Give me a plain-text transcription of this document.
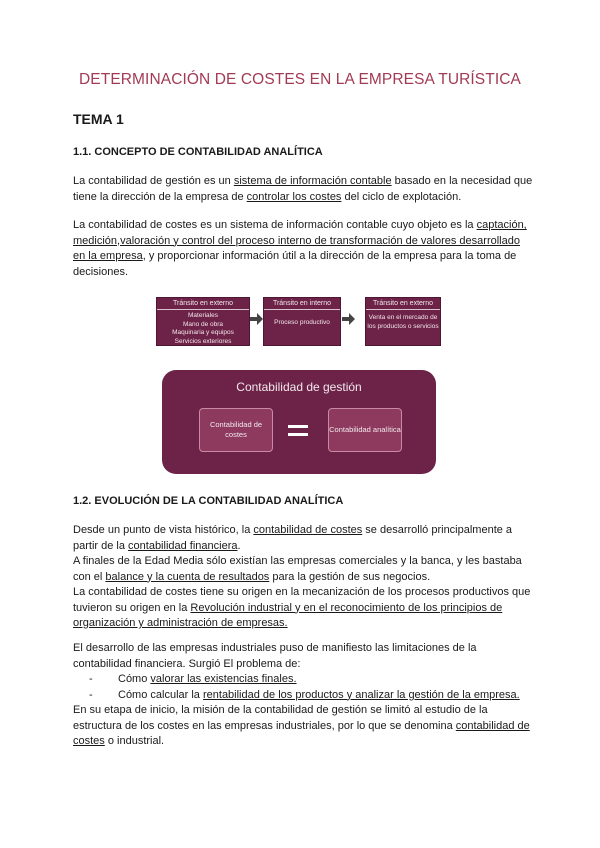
DETERMINACIÓN DE COSTES EN LA EMPRESA TURÍSTICA
TEMA 1
1.1. CONCEPTO DE CONTABILIDAD ANALÍTICA

La contabilidad de gestión es un sistema de información contable basado en la necesidad que tiene la dirección de la empresa de controlar los costes del ciclo de explotación.

La contabilidad de costes es un sistema de información contable cuyo objeto es la captación, medición,valoración y control del proceso interno de transformación de valores desarrollado en la empresa, y proporcionar información útil a la dirección de la empresa para la toma de decisiones.

Tránsito en externo
Materiales
Mano de obra
Maquinaria y equipos
Servicios exteriores
Tránsito en interno
Proceso productivo
Tránsito en externo
Venta en el mercado de los productos o servicios
Contabilidad de gestión
Contabilidad de costes
Contabilidad analítica
1.2. EVOLUCIÓN DE LA CONTABILIDAD ANALÍTICA

Desde un punto de vista histórico, la contabilidad de costes se desarrolló principalmente a partir de la contabilidad financiera.

A finales de la Edad Media sólo existían las empresas comerciales y la banca, y les bastaba con el balance y la cuenta de resultados para la gestión de sus negocios.

La contabilidad de costes tiene su origen en la mecanización de los procesos productivos que tuvieron su origen en la Revolución industrial y en el reconocimiento de los principios de organización y administración de empresas.

El desarrollo de las empresas industriales puso de manifiesto las limitaciones de la contabilidad financiera. Surgió El problema de:

- Cómo valorar las existencias finales.
- Cómo calcular la rentabilidad de los productos y analizar la gestión de la empresa.

En su etapa de inicio, la misión de la contabilidad de gestión se limitó al estudio de la estructura de los costes en las empresas industriales, por lo que se denomina contabilidad de costes o industrial.
